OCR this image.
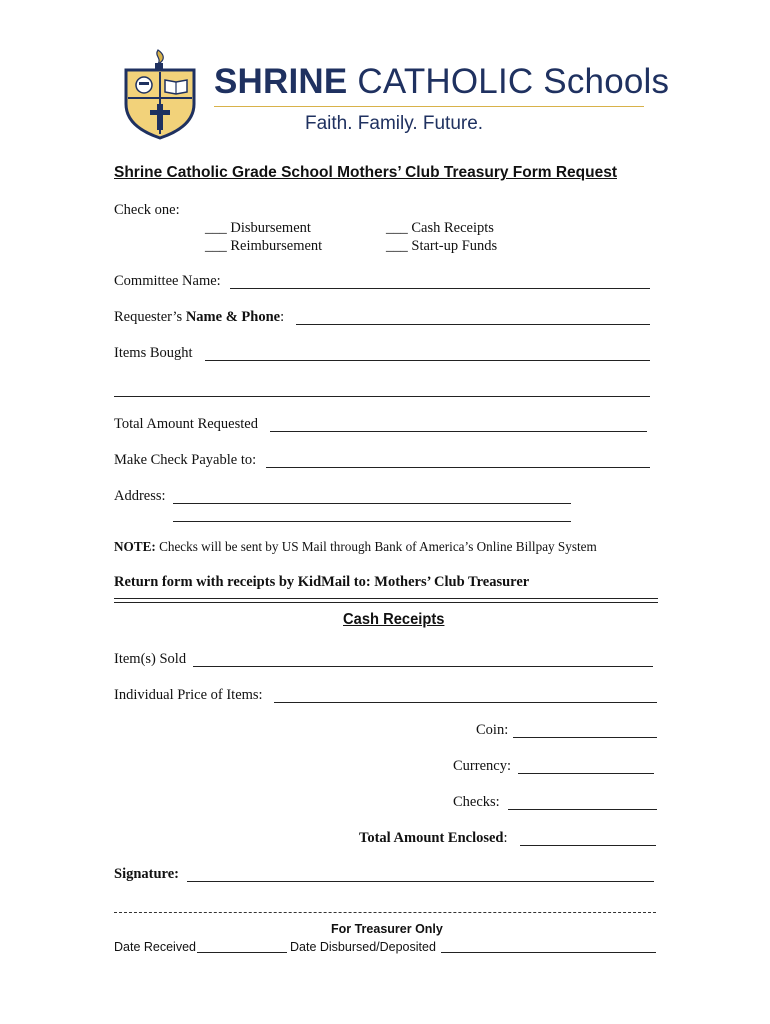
SHRINE CATHOLIC Schools
Faith. Family. Future.
Shrine Catholic Grade School Mothers’ Club Treasury Form Request
Check one:
___ Disbursement
___ Reimbursement
___ Cash Receipts
___ Start-up Funds
Committee Name:
Requester’s Name & Phone:
Items Bought
Total Amount Requested
Make Check Payable to:
Address:
NOTE: Checks will be sent by US Mail through Bank of America’s Online Billpay System
Return form with receipts by KidMail to: Mothers’ Club Treasurer
Cash Receipts
Item(s) Sold
Individual Price of Items:
Coin:
Currency:
Checks:
Total Amount Enclosed:
Signature:
For Treasurer Only
Date Received	Date Disbursed/Deposited
